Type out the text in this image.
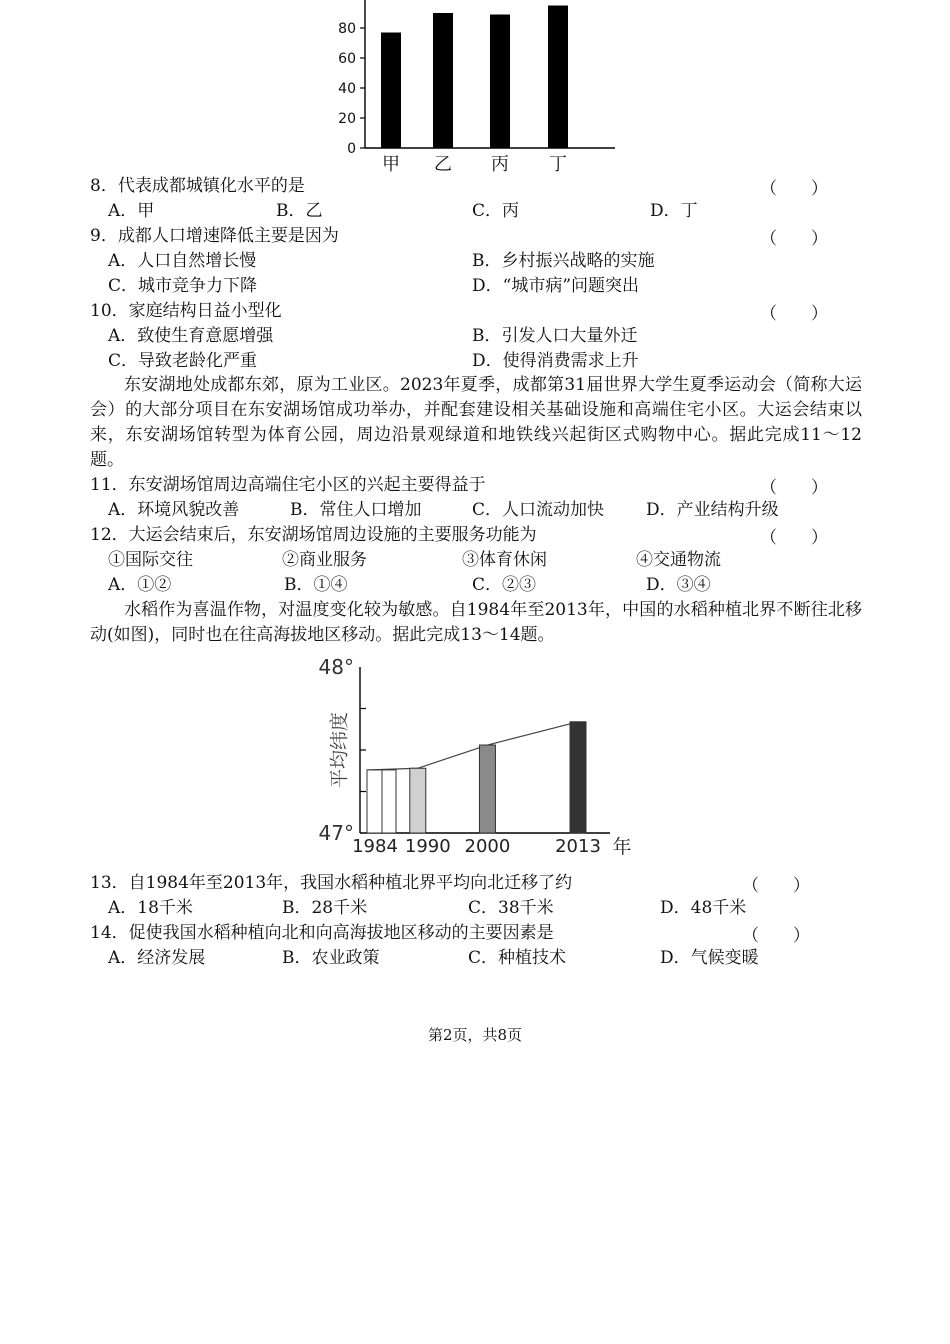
0
20
40
60
80
甲 乙 丙 丁
8．代表成都城镇化水平的是	（　　）
A．甲	B．乙	C．丙	D．丁
9．成都人口增速降低主要是因为	（　　）
A．人口自然增长慢	B．乡村振兴战略的实施
C．城市竞争力下降	D．“城市病”问题突出
10．家庭结构日益小型化	（　　）
A．致使生育意愿增强	B．引发人口大量外迁
C．导致老龄化严重	D．使得消费需求上升
东安湖地处成都东郊，原为工业区。2023年夏季，成都第31届世界大学生夏季运动会（简称大运会）的大部分项目在东安湖场馆成功举办，并配套建设相关基础设施和高端住宅小区。大运会结束以来，东安湖场馆转型为体育公园，周边沿景观绿道和地铁线兴起街区式购物中心。据此完成11～12题。
11．东安湖场馆周边高端住宅小区的兴起主要得益于	（　　）
A．环境风貌改善	B．常住人口增加	C．人口流动加快 D．产业结构升级
12．大运会结束后，东安湖场馆周边设施的主要服务功能为	（　　）
①国际交往	②商业服务	③体育休闲	④交通物流
A．①②	B．①④	C．②③	D．③④
水稻作为喜温作物，对温度变化较为敏感。自1984年至2013年，中国的水稻种植北界不断往北移动(如图)，同时也在往高海拔地区移动。据此完成13～14题。
47°
48°
平均纬度
1984 1990 2000 2013 年
13．自1984年至2013年，我国水稻种植北界平均向北迁移了约	（　　）
A．18千米	B．28千米	C．38千米	D．48千米
14．促使我国水稻种植向北和向高海拔地区移动的主要因素是	（　　）
A．经济发展	B．农业政策	C．种植技术	D．气候变暖
第2页，共8页
